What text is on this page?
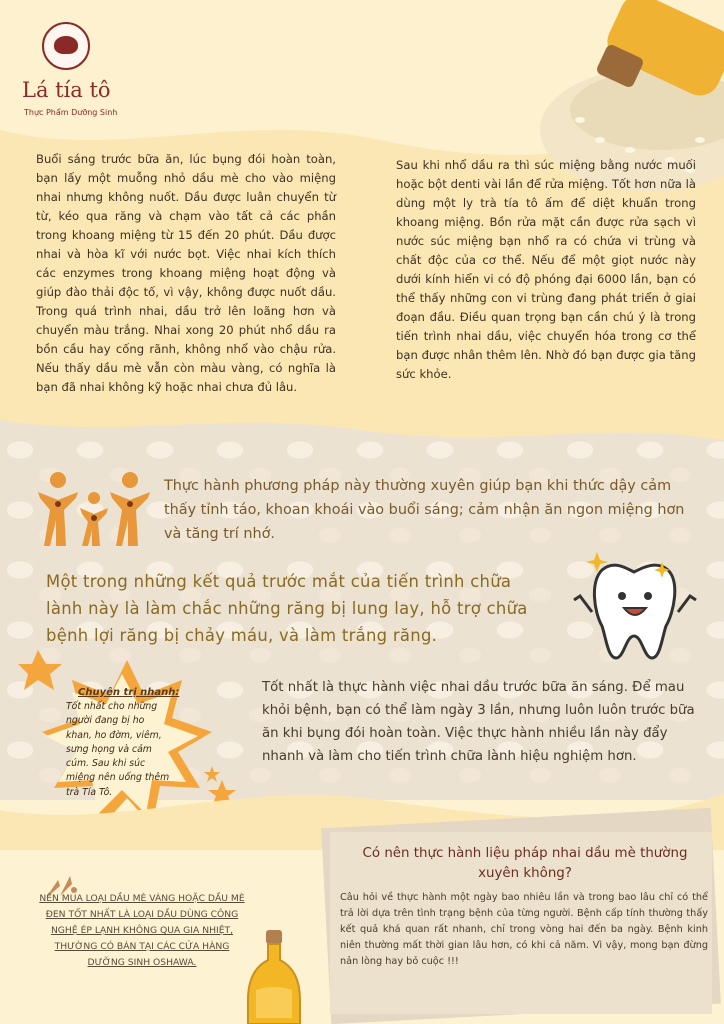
Lá tía tô
Thực Phẩm Dưỡng Sinh
Buổi sáng trước bữa ăn, lúc bụng đói hoàn toàn, bạn lấy một muỗng nhỏ dầu mè cho vào miệng nhai nhưng không nuốt. Dầu được luân chuyển từ từ, kéo qua răng và chạm vào tất cả các phần trong khoang miệng từ 15 đến 20 phút. Dầu được nhai và hòa kĩ với nước bọt. Việc nhai kích thích các enzymes trong khoang miệng hoạt động và giúp đào thải độc tố, vì vậy, không được nuốt dầu. Trong quá trình nhai, dầu trở lên loãng hơn và chuyển màu trắng. Nhai xong 20 phút nhổ dầu ra bồn cầu hay cống rãnh, không nhổ vào chậu rửa. Nếu thấy dầu mè vẫn còn màu vàng, có nghĩa là bạn đã nhai không kỹ hoặc nhai chưa đủ lâu.
Sau khi nhổ dầu ra thì súc miệng bằng nước muối hoặc bột denti vài lần để rửa miệng. Tốt hơn nữa là dùng một ly trà tía tô ấm để diệt khuẩn trong khoang miệng. Bồn rửa mặt cần được rửa sạch vì nước súc miệng bạn nhổ ra có chứa vi trùng và chất độc của cơ thể. Nếu để một giọt nước này dưới kính hiển vi có độ phóng đại 6000 lần, bạn có thể thấy những con vi trùng đang phát triển ở giai đoạn đầu. Điều quan trọng bạn cần chú ý là trong tiến trình nhai dầu, việc chuyển hóa trong cơ thể bạn được nhân thêm lên. Nhờ đó bạn được gia tăng sức khỏe.
Thực hành phương pháp này thường xuyên giúp bạn khi thức dậy cảm thấy tỉnh táo, khoan khoái vào buổi sáng; cảm nhận ăn ngon miệng hơn và tăng trí nhớ.
Một trong những kết quả trước mắt của tiến trình chữa lành này là làm chắc những răng bị lung lay, hỗ trợ chữa bệnh lợi răng bị chảy máu, và làm trắng răng.
Chuyên trị nhanh:
Tốt nhất cho những người đang bị ho khan, ho đờm, viêm, sưng họng và cảm cúm. Sau khi súc miệng nên uống thêm trà Tía Tô.
Tốt nhất là thực hành việc nhai dầu trước bữa ăn sáng. Để mau khỏi bệnh, bạn có thể làm ngày 3 lần, nhưng luôn luôn trước bữa ăn khi bụng đói hoàn toàn. Việc thực hành nhiều lần này đẩy nhanh và làm cho tiến trình chữa lành hiệu nghiệm hơn.
Có nên thực hành liệu pháp nhai dầu mè thường xuyên không?
Câu hỏi về thực hành một ngày bao nhiêu lần và trong bao lâu chỉ có thể trả lời dựa trên tình trạng bệnh của từng người. Bệnh cấp tính thường thấy kết quả khá quan rất nhanh, chỉ trong vòng hai đến ba ngày. Bệnh kinh niên thường mất thời gian lâu hơn, có khi cả năm. Vì vậy, mong bạn đừng nản lòng hay bỏ cuộc !!!
NÊN MUA LOẠI DẦU MÈ VÀNG HOẶC DẦU MÈ ĐEN TỐT NHẤT LÀ LOẠI DẦU DÙNG CÔNG NGHỆ ÉP LẠNH KHÔNG QUA GIA NHIỆT, THƯỜNG CÓ BÁN TẠI CÁC CỬA HÀNG DƯỠNG SINH OSHAWA.
